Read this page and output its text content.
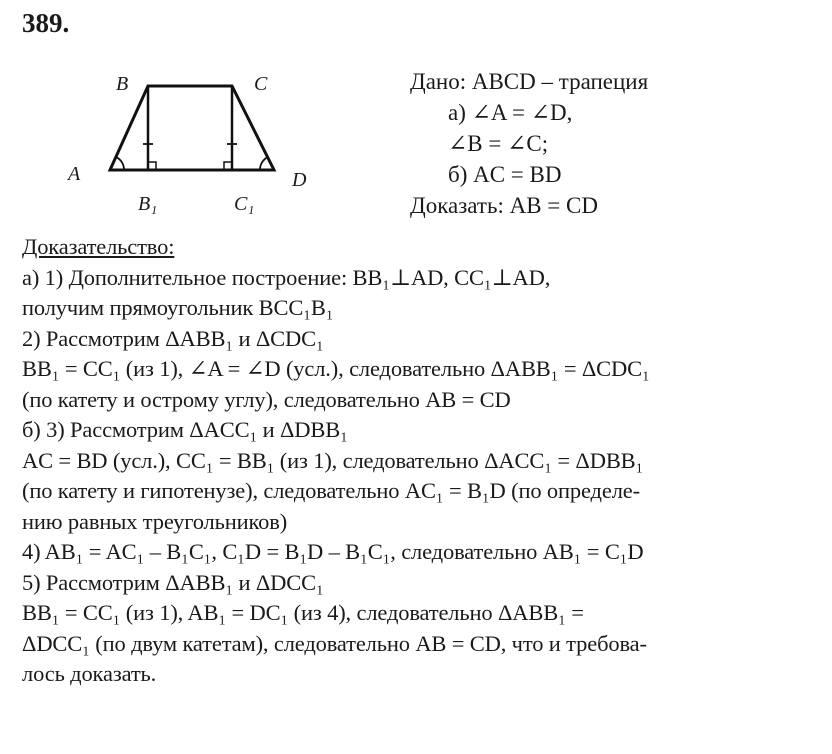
389.
B	C
A	D
B₁	C₁
Дано: ABCD – трапеция
а) ∠A = ∠D,
∠B = ∠C;
б) AC = BD
Доказать: AB = CD
Доказательство:
а) 1) Дополнительное построение: BB₁⊥AD, CC₁⊥AD,
получим прямоугольник BCC₁B₁
2) Рассмотрим ΔABB₁ и ΔCDC₁
BB₁ = CC₁ (из 1), ∠A = ∠D (усл.), следовательно ΔABB₁ = ΔCDC₁
(по катету и острому углу), следовательно AB = CD
б) 3) Рассмотрим ΔACC₁ и ΔDBB₁
AC = BD (усл.), CC₁ = BB₁ (из 1), следовательно ΔACC₁ = ΔDBB₁
(по катету и гипотенузе), следовательно AC₁ = B₁D (по определе-
нию равных треугольников)
4) AB₁ = AC₁ – B₁C₁, C₁D = B₁D – B₁C₁, следовательно AB₁ = C₁D
5) Рассмотрим ΔABB₁ и ΔDCC₁
BB₁ = CC₁ (из 1), AB₁ = DC₁ (из 4), следовательно ΔABB₁ =
ΔDCC₁ (по двум катетам), следовательно AB = CD, что и требова-
лось доказать.
